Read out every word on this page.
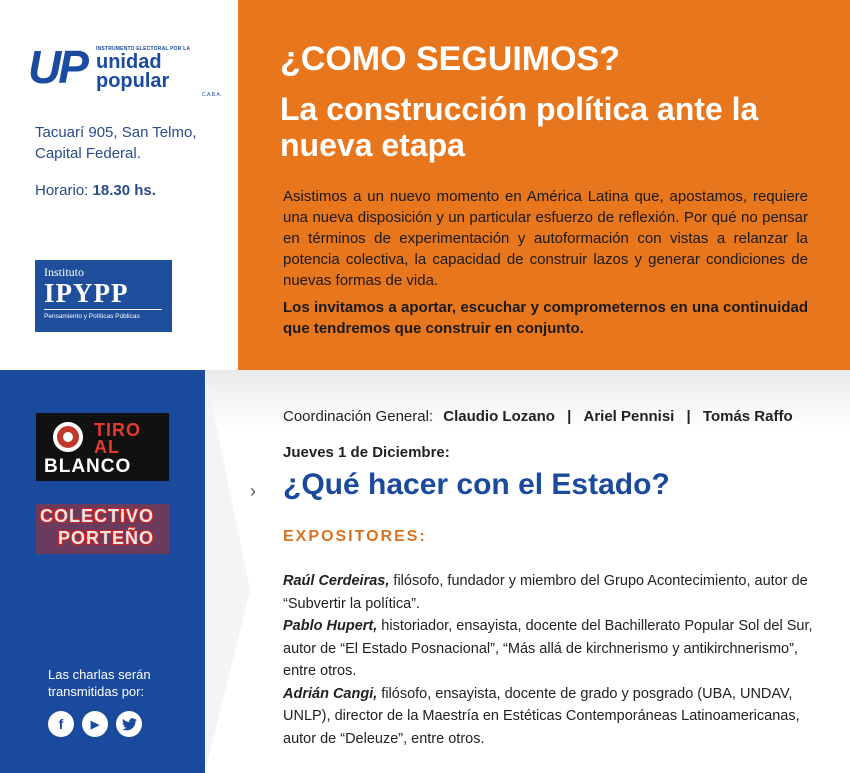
UP INSTRUMENTO ELECTORAL POR LA
unidad
popular
C.A.B.A.
Tacuarí 905, San Telmo,
Capital Federal.
Horario: 18.30 hs.
Instituto
IPYPP
Pensamiento y Políticas Públicas
¿COMO SEGUIMOS?
La construcción política ante la nueva etapa

Asistimos a un nuevo momento en América Latina que, apostamos, requiere una nueva disposición y un particular esfuerzo de reflexión. Por qué no pensar en términos de experimentación y autoformación con vistas a relanzar la potencia colectiva, la capacidad de construir lazos y generar condiciones de nuevas formas de vida.

Los invitamos a aportar, escuchar y comprometernos en una continuidad que tendremos que construir en conjunto.

TIRO
AL
BLANCO
COLECTIVO
PORTEÑO
Las charlas serán
transmitidas por:
f	▶
Coordinación General: Claudio Lozano | Ariel Pennisi | Tomás Raffo
Jueves 1 de Diciembre:
› ¿Qué hacer con el Estado?
EXPOSITORES:

Raúl Cerdeiras, filósofo, fundador y miembro del Grupo Acontecimiento, autor de “Subvertir la política”.

Pablo Hupert, historiador, ensayista, docente del Bachillerato Popular Sol del Sur, autor de “El Estado Posnacional”, “Más allá de kirchnerismo y antikirchnerismo”, entre otros.

Adrián Cangi, filósofo, ensayista, docente de grado y posgrado (UBA, UNDAV, UNLP), director de la Maestría en Estéticas Contemporáneas Latinoamericanas, autor de “Deleuze”, entre otros.
